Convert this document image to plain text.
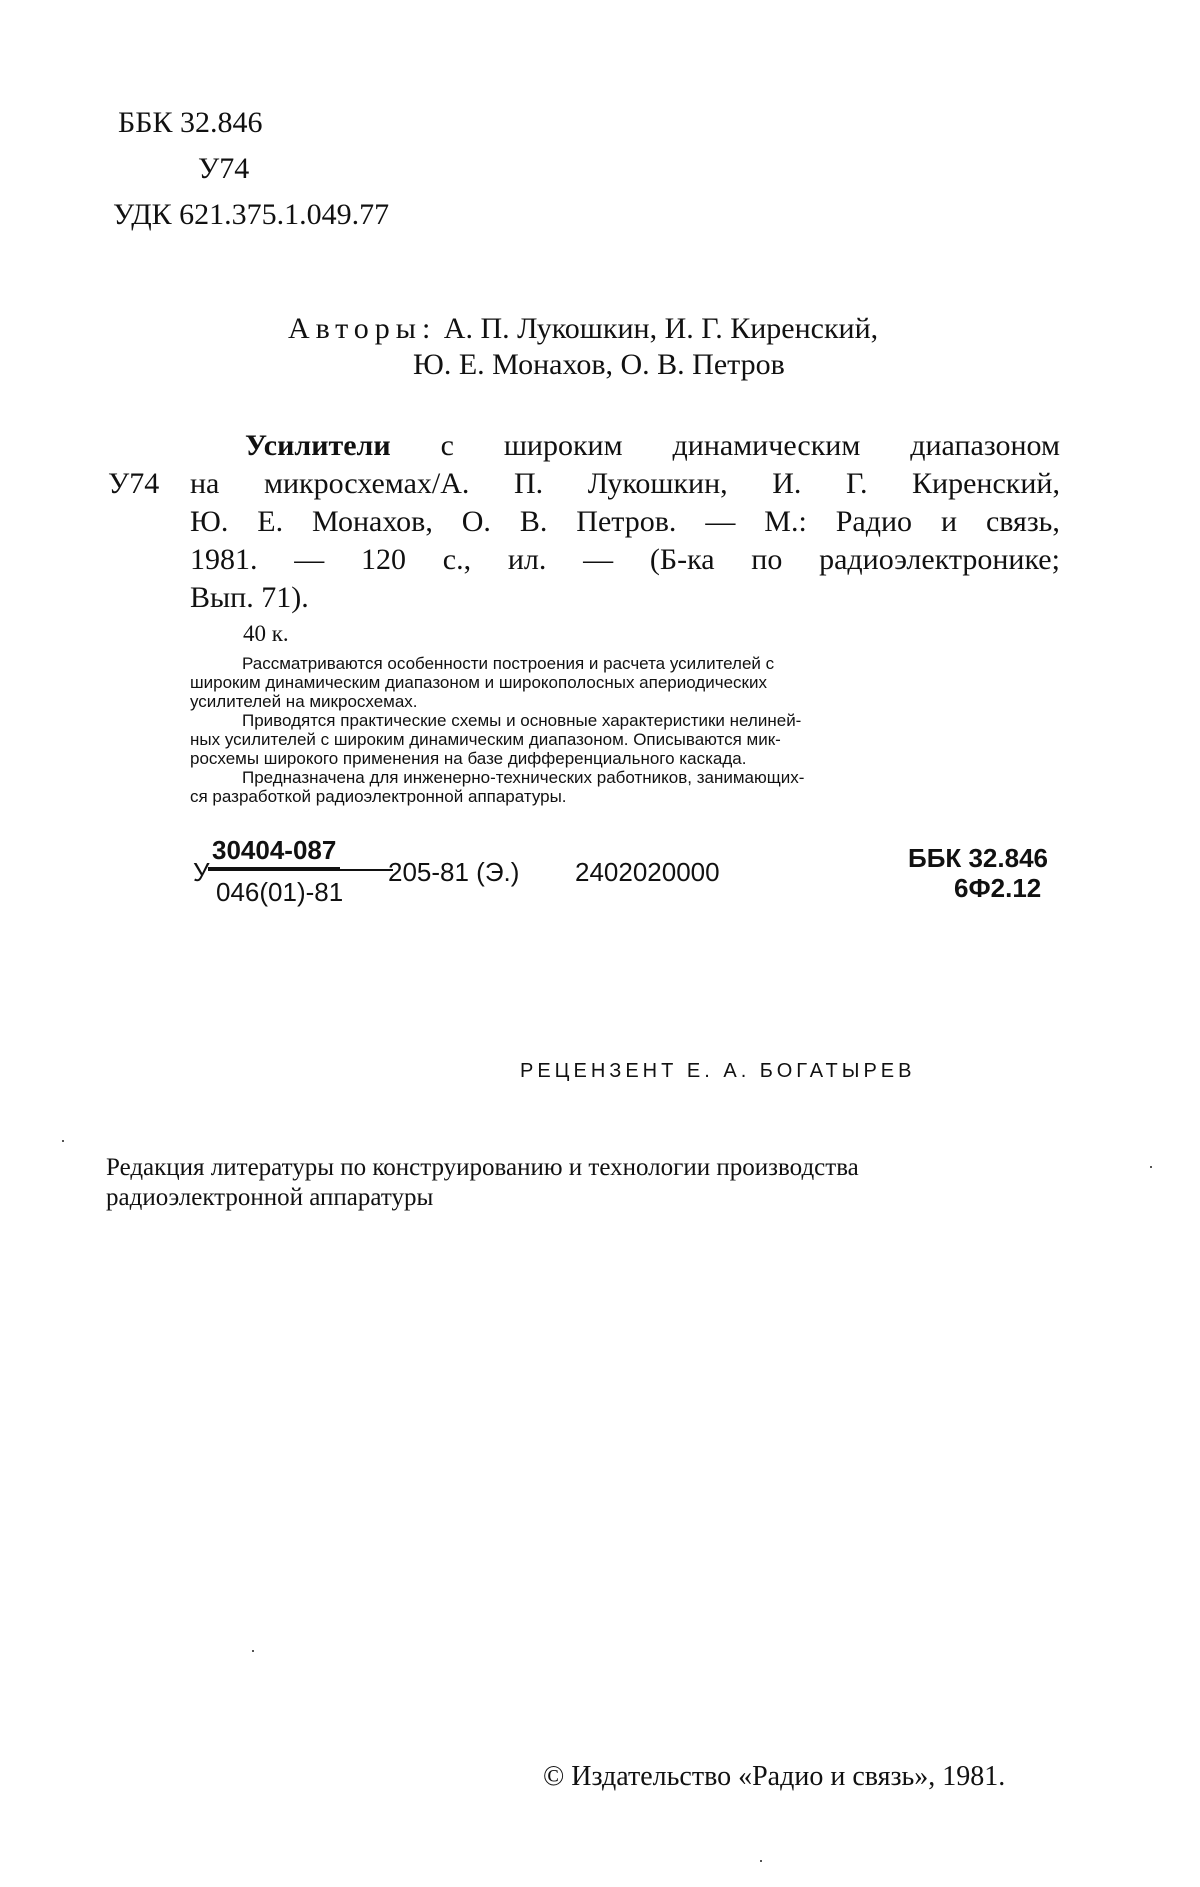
ББК 32.846
У74
УДК 621.375.1.049.77
Авторы: А. П. Лукошкин, И. Г. Киренский,
Ю. Е. Монахов, О. В. Петров
У74
Усилители с широким динамическим диапазоном
на микросхемах/А. П. Лукошкин, И. Г. Киренский,
Ю. Е. Монахов, О. В. Петров. — М.: Радио и связь,
1981. — 120 с., ил. — (Б-ка по радиоэлектронике;
Вып. 71).
40 к.
Рассматриваются особенности построения и расчета усилителей с
широким динамическим диапазоном и широкополосных апериодических
усилителей на микросхемах.
Приводятся практические схемы и основные характеристики нелиней-
ных усилителей с широким динамическим диапазоном. Описываются мик-
росхемы широкого применения на базе дифференциального каскада.
Предназначена для инженерно-технических работников, занимающих-
ся разработкой радиоэлектронной аппаратуры.
У
30404-087
046(01)-81
205-81 (Э.) 2402020000	ББК 32.846
6Ф2.12
РЕЦЕНЗЕНТ Е. А. БОГАТЫРЕВ
Редакция литературы по конструированию и технологии производства
радиоэлектронной аппаратуры
© Издательство «Радио и связь», 1981.
